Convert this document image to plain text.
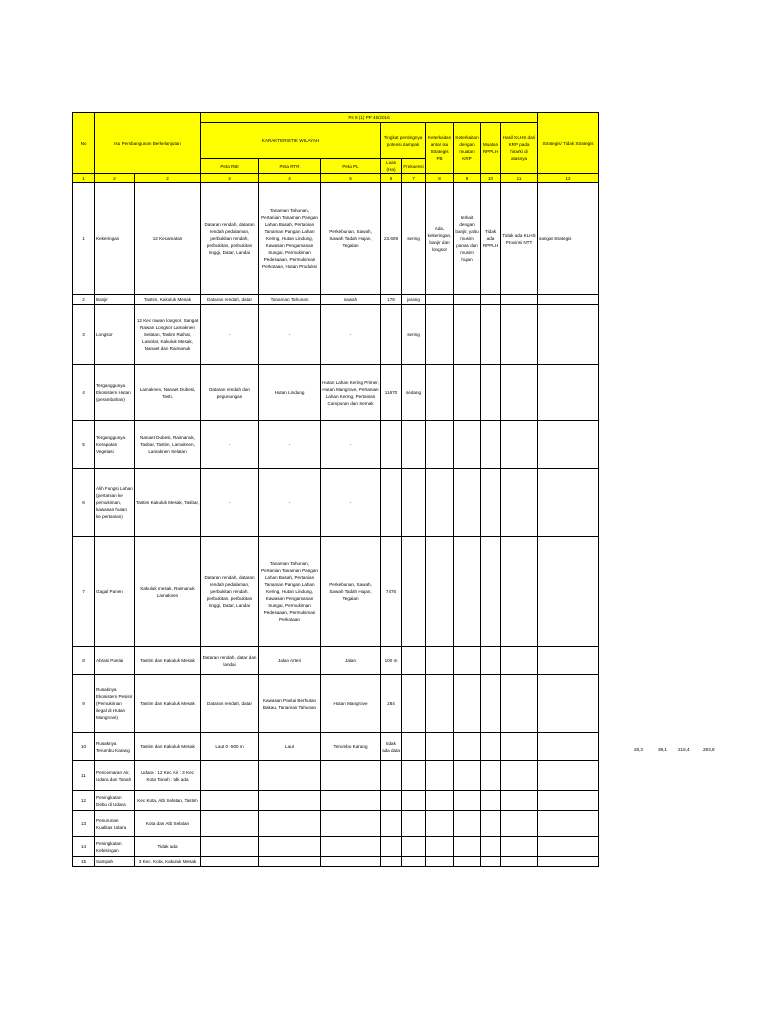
No	Isu Pembangunan Berkelanjutan		Ps 9 (1) PP 46/2016									Strategis/ Tidak Strategis
			KARAKTERISTIK WILAYAH			Tingkat pentingnya potensi dampak		Keterkaitan antar isu Strategis PB	Keterkaitan dengan muatan KRP	Muatan RPPLH	Hasil KLHS dari KRP pada hirarki di atasnya	
			Peta RBI	Peta RTR	Peta PL	Luas (Ha)	Frekuensi					
1	2	2	3	4	5	6	7	8	9	10	11	12
1	Kekeringan	12 Kecamatan	Dataran rendah, dataran rendah pedalaman, perbukitan rendah, perbukitan, perbukitan tinggi, Datar, Landai	Tanaman Tahunan, Pertanian Tanaman Pangan Lahan Basah, Pertanian Tanaman Pangan Lahan Kering, Hutan Lindung, Kawasan Pengamanan Sungai, Permukiman Pedesaaan, Permukiman Perkotaan, Hutan Produksi	Perkebunan, Sawah, Sawah Tadah Hujan, Tegalan	23.609	sering	Ada, kekeringan, banjir dan longsor	terkait dengan banjir, yaitu musim panas dan musim hujan	Tidak ada RPPLH	Tidak ada KLHS Provinsi NTT	sangat strategis
2	Banjir	Tastim, Kakuluk Mesak	Dataran rendah, datar	Tanaman Tahunan	sawah	179	jarang					
3	Longsor	12 Kec rawan longsor. Sangat Rawan Longsor Lamaknen Selatan, Tastim Raihat, Lasiolat, Kakuluk Mesak, Nanaet dan Raimanuk	-	-	-		sering					
4	Terganggunya Ekosistem Hutan (perambahan)	Lamaknen, Nanaet Dubesi, Tasti,	Dataran rendah dan pegunungan	Hutan Lindung	Hutan Lahan Kering Primer, Hutan Mangrove, Pertanian Lahan Kering, Pertanian Campuran dan Semak	11670	sedang					
5	Terganggunya Kerapatan Vegetasi	Nanaet Dubesi, Raimanuk, Tasbar, Tastim, Lamaknen, Lamaknen Selatan	-	-	-							
6	Alih Fungsi Lahan (pertanian ke pemukiman, kawasan hutan ke pertanian)	Tastim Kakuluk Mesak, Tasbar,	-	-	-							
7	Gagal Panen	Kakuluk mesak, Raimanuk Lamaknen	Dataran rendah, dataran rendah pedalaman, perbukitan rendah, perbukitan, perbukitan tinggi, Datar, Landai	Tanaman Tahunan, Pertanian Tanaman Pangan Lahan Basah, Pertanian Tanaman Pangan Lahan Kering, Hutan Lindung, Kawasan Pengamanan Sungai, Permukiman Pedesaaan, Permukiman Perkotaan	Perkebunan, Sawah, Sawah Tadah Hujan, Tegalan	7476						
8	Abrasi Pantai	Tastim dan Kakuluk Mesak	Dataran rendah, datar dan landai	Jalan Arteri	Jalan	100 m						
9	Rusaknya Ekosistem Pesisir (Pemukiman ilegal di Hutan Mangrove)	Tastim dan Kakuluk Mesak	Dataran rendah, datar	Kawasan Pantai Berhutan Bakau, Tanaman Tahunan	Hutan Mangrove	284						
10	Rusaknya Terumbu Karang	Tastim dan Kakuluk Mesak	Laut 0 -500 m	Laut	Terumbu Karang	tidak ada data						
11	Pencemaran Air, Udara dan Tanah	Udara : 12 Kec Air : 3 Kec Kota Tanah : tdk ada										
12	Peningkatan Debu di Udara	Kec Kota, Atb Selatan, Tastim										
13	Penurunan Kualitas Udara	Kota dan Atb Selatan										
14	Peningkatan Kebisingan	Tidak ada										
15	Sampah	3 Kec. Kota, Kakuluk Mesak										
28,3	39,1 216,4	283,8
